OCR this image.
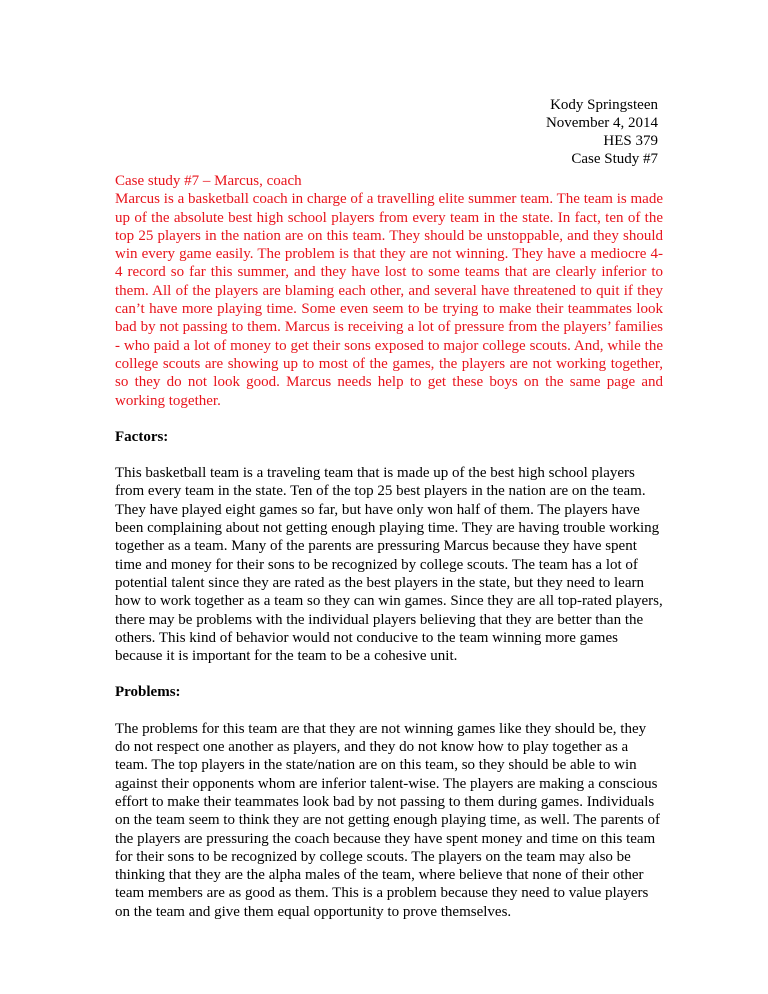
Kody Springsteen
November 4, 2014
HES 379
Case Study #7

Case study #7 – Marcus, coach

Marcus is a basketball coach in charge of a travelling elite summer team. The team is made up of the absolute best high school players from every team in the state. In fact, ten of the top 25 players in the nation are on this team. They should be unstoppable, and they should win every game easily. The problem is that they are not winning. They have a mediocre 4-4 record so far this summer, and they have lost to some teams that are clearly inferior to them. All of the players are blaming each other, and several have threatened to quit if they can’t have more playing time. Some even seem to be trying to make their teammates look bad by not passing to them. Marcus is receiving a lot of pressure from the players’ families - who paid a lot of money to get their sons exposed to major college scouts. And, while the college scouts are showing up to most of the games, the players are not working together, so they do not look good. Marcus needs help to get these boys on the same page and working together.

Factors:

This basketball team is a traveling team that is made up of the best high school players from every team in the state. Ten of the top 25 best players in the nation are on the team. They have played eight games so far, but have only won half of them. The players have been complaining about not getting enough playing time. They are having trouble working together as a team. Many of the parents are pressuring Marcus because they have spent time and money for their sons to be recognized by college scouts. The team has a lot of potential talent since they are rated as the best players in the state, but they need to learn how to work together as a team so they can win games. Since they are all top-rated players, there may be problems with the individual players believing that they are better than the others. This kind of behavior would not conducive to the team winning more games because it is important for the team to be a cohesive unit.

Problems:

The problems for this team are that they are not winning games like they should be, they do not respect one another as players, and they do not know how to play together as a team. The top players in the state/nation are on this team, so they should be able to win against their opponents whom are inferior talent-wise. The players are making a conscious effort to make their teammates look bad by not passing to them during games. Individuals on the team seem to think they are not getting enough playing time, as well. The parents of the players are pressuring the coach because they have spent money and time on this team for their sons to be recognized by college scouts. The players on the team may also be thinking that they are the alpha males of the team, where believe that none of their other team members are as good as them. This is a problem because they need to value players on the team and give them equal opportunity to prove themselves.
